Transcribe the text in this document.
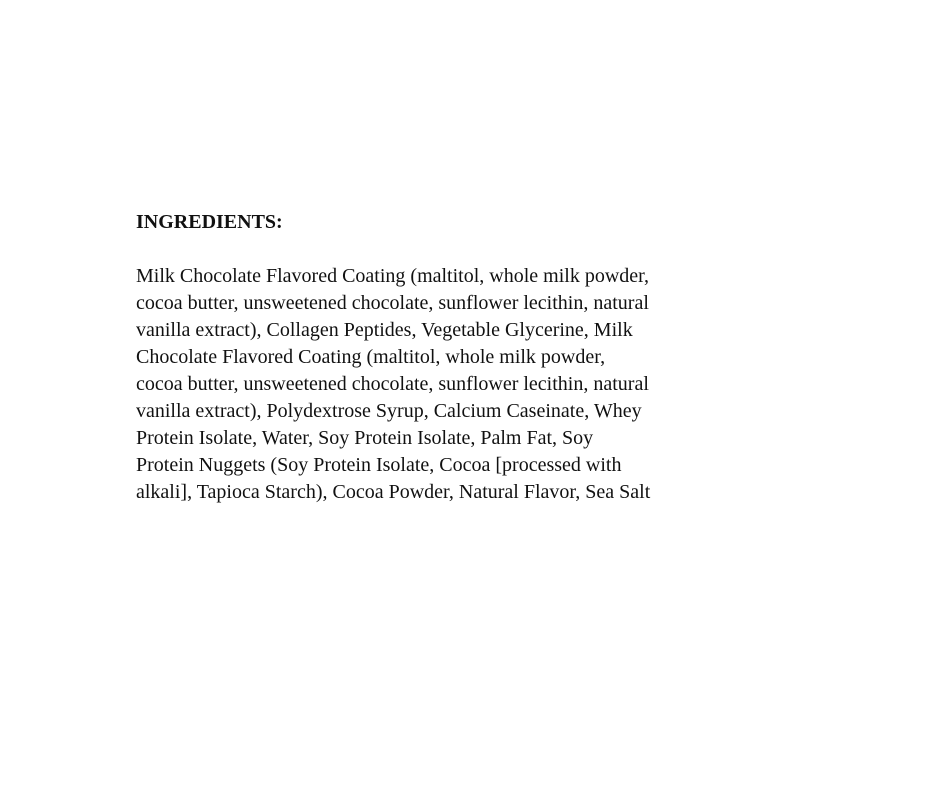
INGREDIENTS:

Milk Chocolate Flavored Coating (maltitol, whole milk powder,
cocoa butter, unsweetened chocolate, sunflower lecithin, natural
vanilla extract), Collagen Peptides, Vegetable Glycerine, Milk
Chocolate Flavored Coating (maltitol, whole milk powder,
cocoa butter, unsweetened chocolate, sunflower lecithin, natural
vanilla extract), Polydextrose Syrup, Calcium Caseinate, Whey
Protein Isolate, Water, Soy Protein Isolate, Palm Fat, Soy
Protein Nuggets (Soy Protein Isolate, Cocoa [processed with
alkali], Tapioca Starch), Cocoa Powder, Natural Flavor, Sea Salt
